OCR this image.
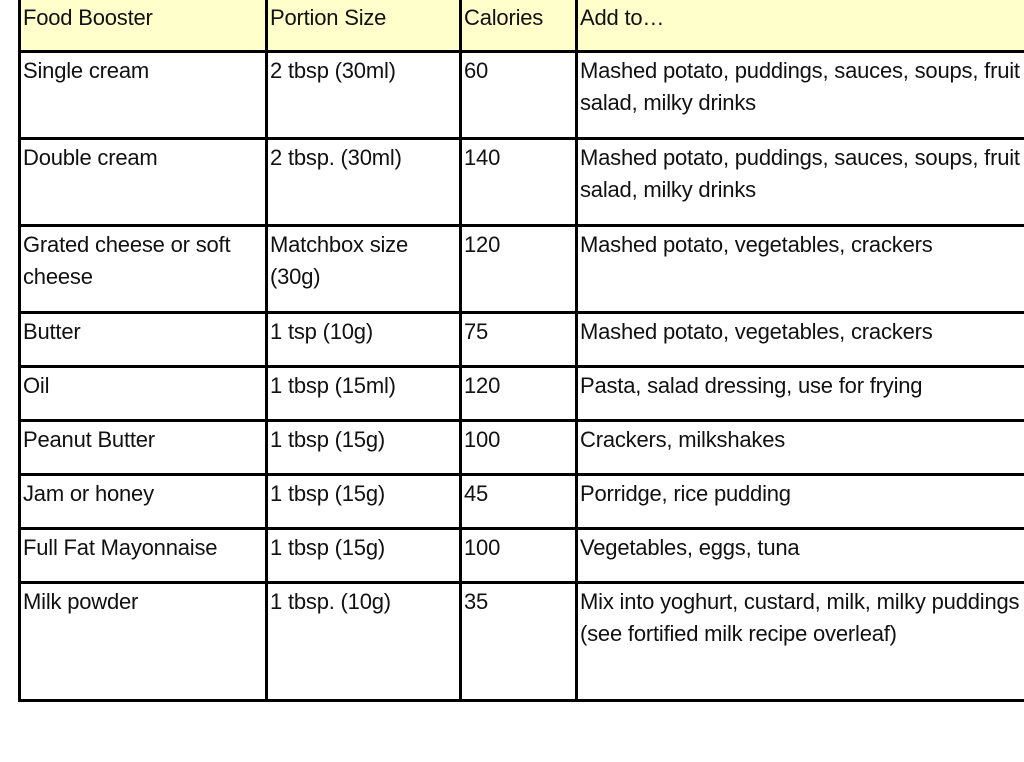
Food Booster	Portion Size	Calories	Add to…
Single cream	2 tbsp (30ml)	60	Mashed potato, puddings, sauces, soups, fruit salad, milky drinks
Double cream	2 tbsp. (30ml)	140	Mashed potato, puddings, sauces, soups, fruit salad, milky drinks
Grated cheese or soft cheese	Matchbox size (30g)	120	Mashed potato, vegetables, crackers
Butter	1 tsp (10g)	75	Mashed potato, vegetables, crackers
Oil	1 tbsp (15ml)	120	Pasta, salad dressing, use for frying
Peanut Butter	1 tbsp (15g)	100	Crackers, milkshakes
Jam or honey	1 tbsp (15g)	45	Porridge, rice pudding
Full Fat Mayonnaise	1 tbsp (15g)	100	Vegetables, eggs, tuna
Milk powder	1 tbsp. (10g)	35	Mix into yoghurt, custard, milk, milky puddings (see fortified milk recipe overleaf)
